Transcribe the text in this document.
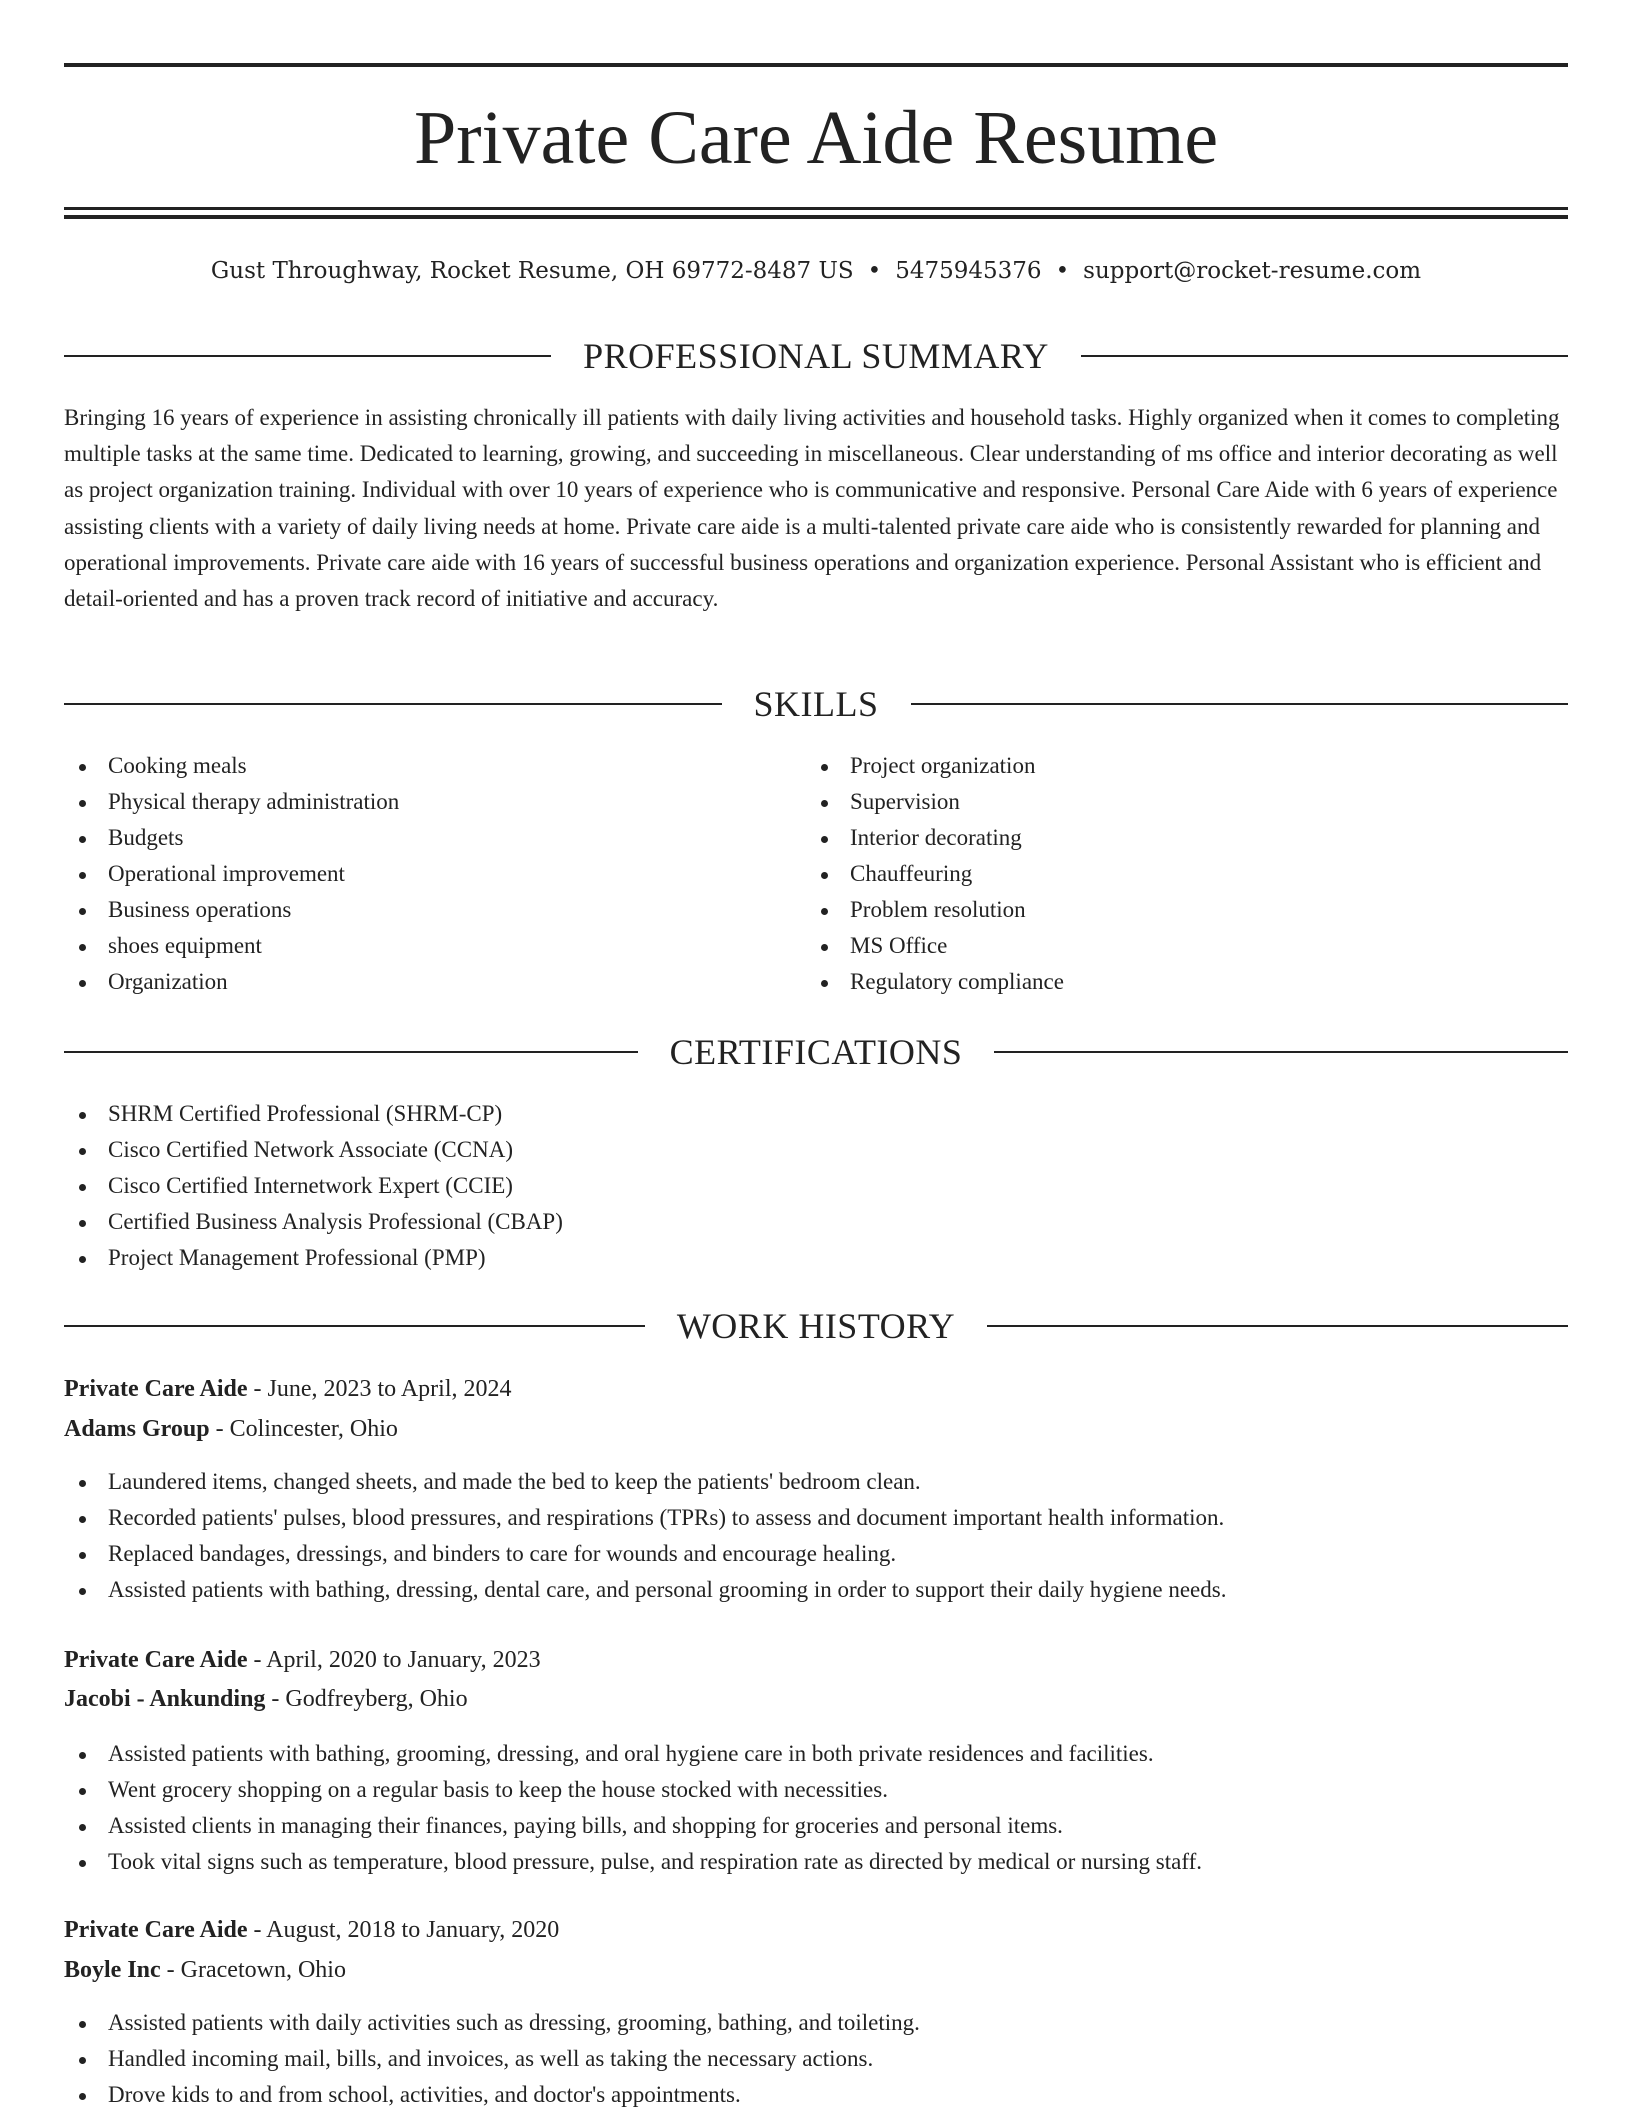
Private Care Aide Resume
Gust Throughway, Rocket Resume, OH 69772-8487 US • 5475945376 • support@rocket-resume.com
PROFESSIONAL SUMMARY

Bringing 16 years of experience in assisting chronically ill patients with daily living activities and household tasks. Highly organized when it comes to completing multiple tasks at the same time. Dedicated to learning, growing, and succeeding in miscellaneous. Clear understanding of ms office and interior decorating as well as project organization training. Individual with over 10 years of experience who is communicative and responsive. Personal Care Aide with 6 years of experience assisting clients with a variety of daily living needs at home. Private care aide is a multi-talented private care aide who is consistently rewarded for planning and operational improvements. Private care aide with 16 years of successful business operations and organization experience. Personal Assistant who is efficient and detail-oriented and has a proven track record of initiative and accuracy.

SKILLS
Cooking meals
Physical therapy administration
Budgets
Operational improvement
Business operations
shoes equipment
Organization
Project organization
Supervision
Interior decorating
Chauffeuring
Problem resolution
MS Office
Regulatory compliance
CERTIFICATIONS
SHRM Certified Professional (SHRM-CP)
Cisco Certified Network Associate (CCNA)
Cisco Certified Internetwork Expert (CCIE)
Certified Business Analysis Professional (CBAP)
Project Management Professional (PMP)
WORK HISTORY
Private Care Aide - June, 2023 to April, 2024
Adams Group - Colincester, Ohio
Laundered items, changed sheets, and made the bed to keep the patients' bedroom clean.
Recorded patients' pulses, blood pressures, and respirations (TPRs) to assess and document important health information.
Replaced bandages, dressings, and binders to care for wounds and encourage healing.
Assisted patients with bathing, dressing, dental care, and personal grooming in order to support their daily hygiene needs.
Private Care Aide - April, 2020 to January, 2023
Jacobi - Ankunding - Godfreyberg, Ohio
Assisted patients with bathing, grooming, dressing, and oral hygiene care in both private residences and facilities.
Went grocery shopping on a regular basis to keep the house stocked with necessities.
Assisted clients in managing their finances, paying bills, and shopping for groceries and personal items.
Took vital signs such as temperature, blood pressure, pulse, and respiration rate as directed by medical or nursing staff.
Private Care Aide - August, 2018 to January, 2020
Boyle Inc - Gracetown, Ohio
Assisted patients with daily activities such as dressing, grooming, bathing, and toileting.
Handled incoming mail, bills, and invoices, as well as taking the necessary actions.
Drove kids to and from school, activities, and doctor's appointments.
